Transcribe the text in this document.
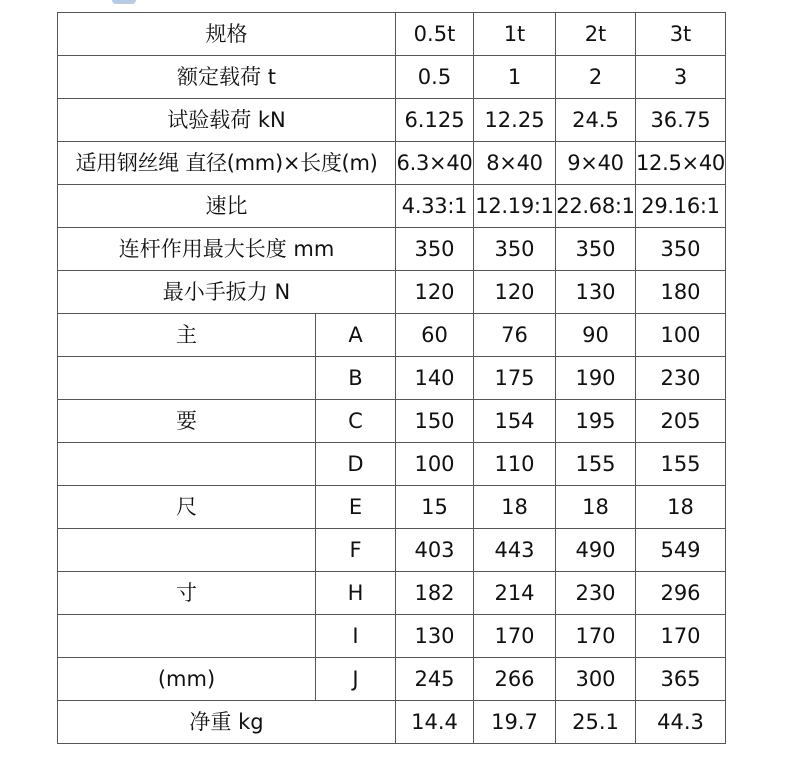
规格		0.5t	1t	2t	3t
额定载荷 t		0.5	1	2	3
试验载荷 kN		6.125	12.25	24.5	36.75
适用钢丝绳 直径(mm)×长度(m)		6.3×40	8×40	9×40	12.5×40
速比		4.33:1	12.19:1	22.68:1	29.16:1
连杆作用最大长度 mm		350	350	350	350
最小手扳力 N		120	120	130	180
主	A	60	76	90	100
	B	140	175	190	230
要	C	150	154	195	205
	D	100	110	155	155
尺	E	15	18	18	18
	F	403	443	490	549
寸	H	182	214	230	296
	I	130	170	170	170
(mm)	J	245	266	300	365
净重 kg		14.4	19.7	25.1	44.3
